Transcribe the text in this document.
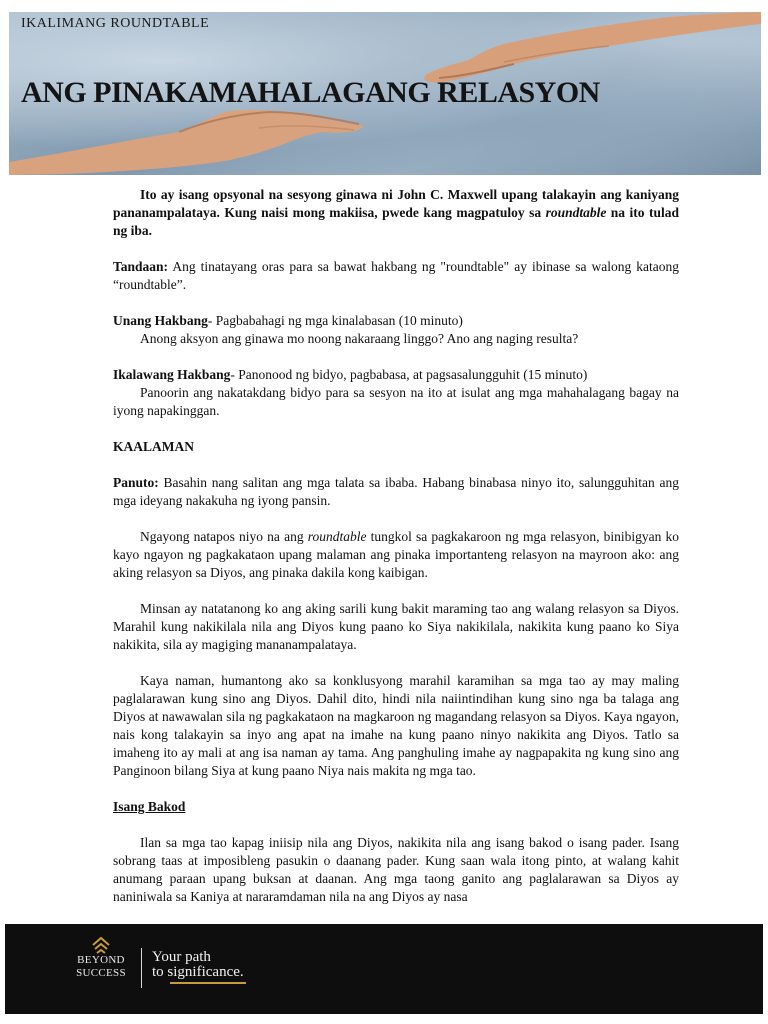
IKALIMANG ROUNDTABLE
ANG PINAKAMAHALAGANG RELASYON

Ito ay isang opsyonal na sesyong ginawa ni John C. Maxwell upang talakayin ang kaniyang pananampalataya. Kung naisi mong makiisa, pwede kang magpatuloy sa roundtable na ito tulad ng iba.

Tandaan: Ang tinatayang oras para sa bawat hakbang ng "roundtable" ay ibinase sa walong kataong “roundtable”.

Unang Hakbang- Pagbabahagi ng mga kinalabasan (10 minuto)

Anong aksyon ang ginawa mo noong nakaraang linggo? Ano ang naging resulta?

Ikalawang Hakbang- Panonood ng bidyo, pagbabasa, at pagsasalungguhit (15 minuto)

Panoorin ang nakatakdang bidyo para sa sesyon na ito at isulat ang mga mahahalagang bagay na iyong napakinggan.

KAALAMAN

Panuto: Basahin nang salitan ang mga talata sa ibaba. Habang binabasa ninyo ito, salungguhitan ang mga ideyang nakakuha ng iyong pansin.

Ngayong natapos niyo na ang roundtable tungkol sa pagkakaroon ng mga relasyon, binibigyan ko kayo ngayon ng pagkakataon upang malaman ang pinaka importanteng relasyon na mayroon ako: ang aking relasyon sa Diyos, ang pinaka dakila kong kaibigan.

Minsan ay natatanong ko ang aking sarili kung bakit maraming tao ang walang relasyon sa Diyos. Marahil kung nakikilala nila ang Diyos kung paano ko Siya nakikilala, nakikita kung paano ko Siya nakikita, sila ay magiging mananampalataya.

Kaya naman, humantong ako sa konklusyong marahil karamihan sa mga tao ay may maling paglalarawan kung sino ang Diyos. Dahil dito, hindi nila naiintindihan kung sino nga ba talaga ang Diyos at nawawalan sila ng pagkakataon na magkaroon ng magandang relasyon sa Diyos. Kaya ngayon, nais kong talakayin sa inyo ang apat na imahe na kung paano ninyo nakikita ang Diyos. Tatlo sa imaheng ito ay mali at ang isa naman ay tama. Ang panghuling imahe ay nagpapakita ng kung sino ang Panginoon bilang Siya at kung paano Niya nais makita ng mga tao.

Isang Bakod

Ilan sa mga tao kapag iniisip nila ang Diyos, nakikita nila ang isang bakod o isang pader. Isang sobrang taas at imposibleng pasukin o daanang pader. Kung saan wala itong pinto, at walang kahit anumang paraan upang buksan at daanan. Ang mga taong ganito ang paglalarawan sa Diyos ay naniniwala sa Kaniya at nararamdaman nila na ang Diyos ay nasa

BEYOND
SUCCESS
Your path
to significance.
